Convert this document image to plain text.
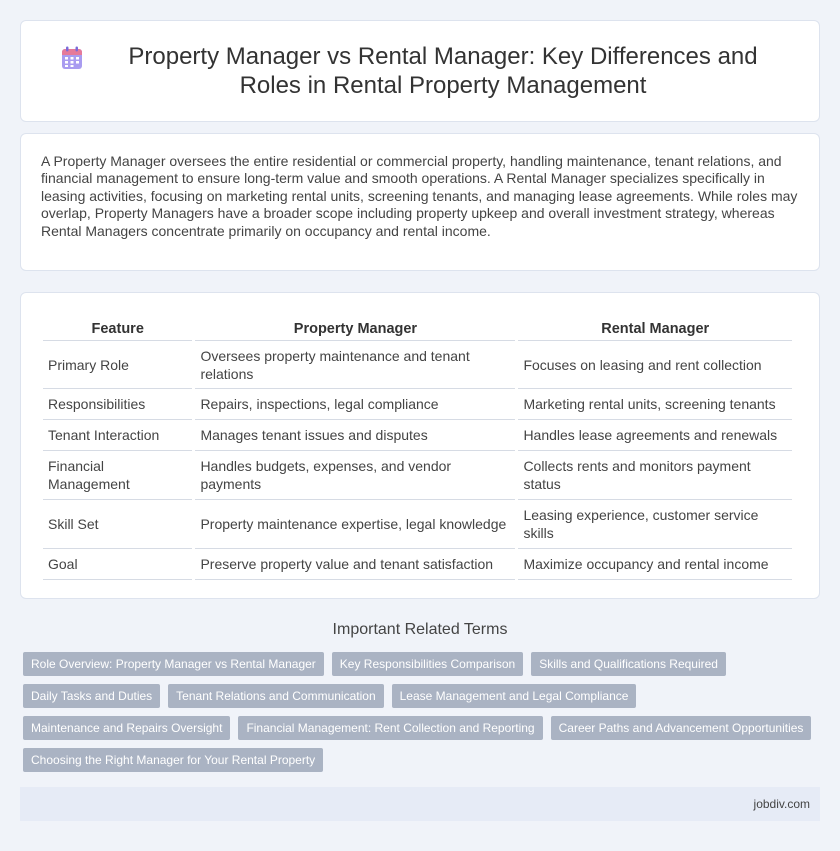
Property Manager vs Rental Manager: Key Differences and Roles in Rental Property Management

A Property Manager oversees the entire residential or commercial property, handling maintenance, tenant relations, and financial management to ensure long-term value and smooth operations. A Rental Manager specializes specifically in leasing activities, focusing on marketing rental units, screening tenants, and managing lease agreements. While roles may overlap, Property Managers have a broader scope including property upkeep and overall investment strategy, whereas Rental Managers concentrate primarily on occupancy and rental income.

Feature	Property Manager	Rental Manager
Primary Role	Oversees property maintenance and tenant relations	Focuses on leasing and rent collection
Responsibilities	Repairs, inspections, legal compliance	Marketing rental units, screening tenants
Tenant Interaction	Manages tenant issues and disputes	Handles lease agreements and renewals
Financial Management	Handles budgets, expenses, and vendor payments	Collects rents and monitors payment status
Skill Set	Property maintenance expertise, legal knowledge	Leasing experience, customer service skills
Goal	Preserve property value and tenant satisfaction	Maximize occupancy and rental income
Important Related Terms
Role Overview: Property Manager vs Rental Manager	Key Responsibilities Comparison	Skills and Qualifications Required
Daily Tasks and Duties	Tenant Relations and Communication	Lease Management and Legal Compliance
Maintenance and Repairs Oversight	Financial Management: Rent Collection and Reporting	Career Paths and Advancement Opportunities
Choosing the Right Manager for Your Rental Property
jobdiv.com
